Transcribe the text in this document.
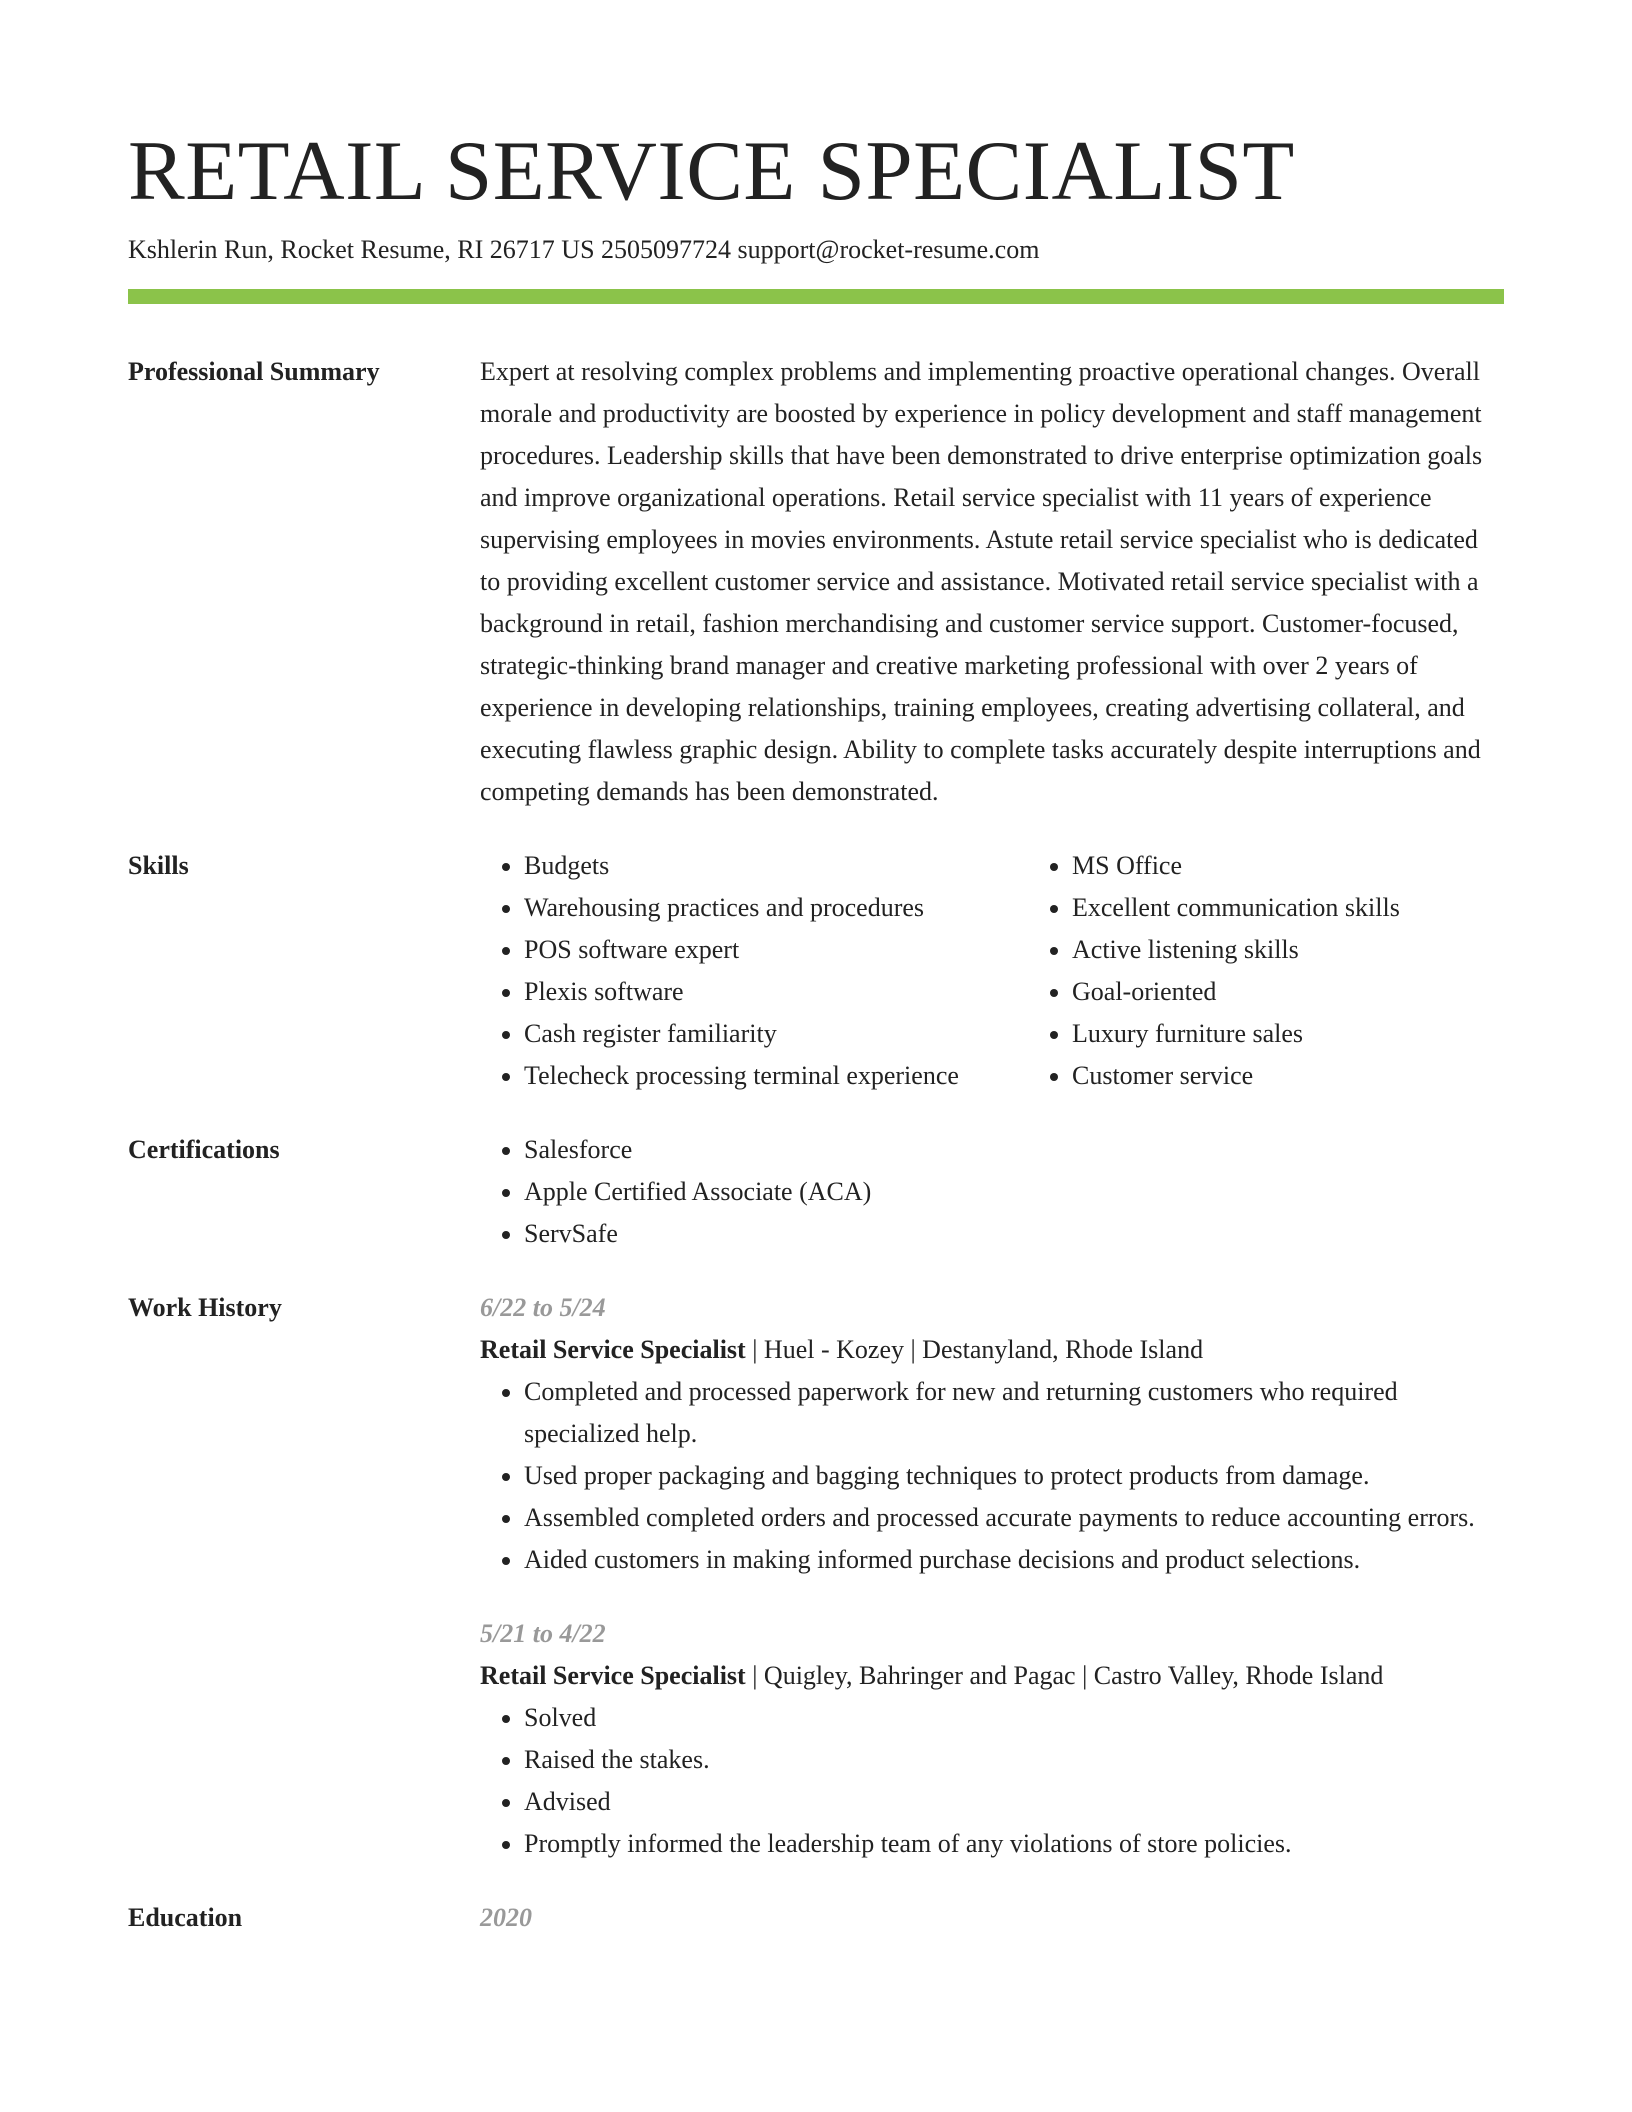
RETAIL SERVICE SPECIALIST
Kshlerin Run, Rocket Resume, RI 26717 US 2505097724 support@rocket-resume.com
Professional Summary	Expert at resolving complex problems and implementing proactive operational changes. Overall morale and productivity are boosted by experience in policy development and staff management procedures. Leadership skills that have been demonstrated to drive enterprise optimization goals and improve organizational operations. Retail service specialist with 11 years of experience supervising employees in movies environments. Astute retail service specialist who is dedicated to providing excellent customer service and assistance. Motivated retail service specialist with a background in retail, fashion merchandising and customer service support. Customer-focused, strategic-thinking brand manager and creative marketing professional with over 2 years of experience in developing relationships, training employees, creating advertising collateral, and executing flawless graphic design. Ability to complete tasks accurately despite interruptions and competing demands has been demonstrated.

Skills	• Budgets
• Warehousing practices and procedures
• POS software expert
• Plexis software
• Cash register familiarity
• Telecheck processing terminal experience
• MS Office
• Excellent communication skills
• Active listening skills
• Goal-oriented
• Luxury furniture sales
• Customer service
Certifications	• Salesforce
• Apple Certified Associate (ACA)
• ServSafe
Work History	6/22 to 5/24
Retail Service Specialist | Huel - Kozey | Destanyland, Rhode Island
• Completed and processed paperwork for new and returning customers who required specialized help.
• Used proper packaging and bagging techniques to protect products from damage.
• Assembled completed orders and processed accurate payments to reduce accounting errors.
• Aided customers in making informed purchase decisions and product selections.
5/21 to 4/22
Retail Service Specialist | Quigley, Bahringer and Pagac | Castro Valley, Rhode Island
• Solved
• Raised the stakes.
• Advised
• Promptly informed the leadership team of any violations of store policies.
Education	2020
